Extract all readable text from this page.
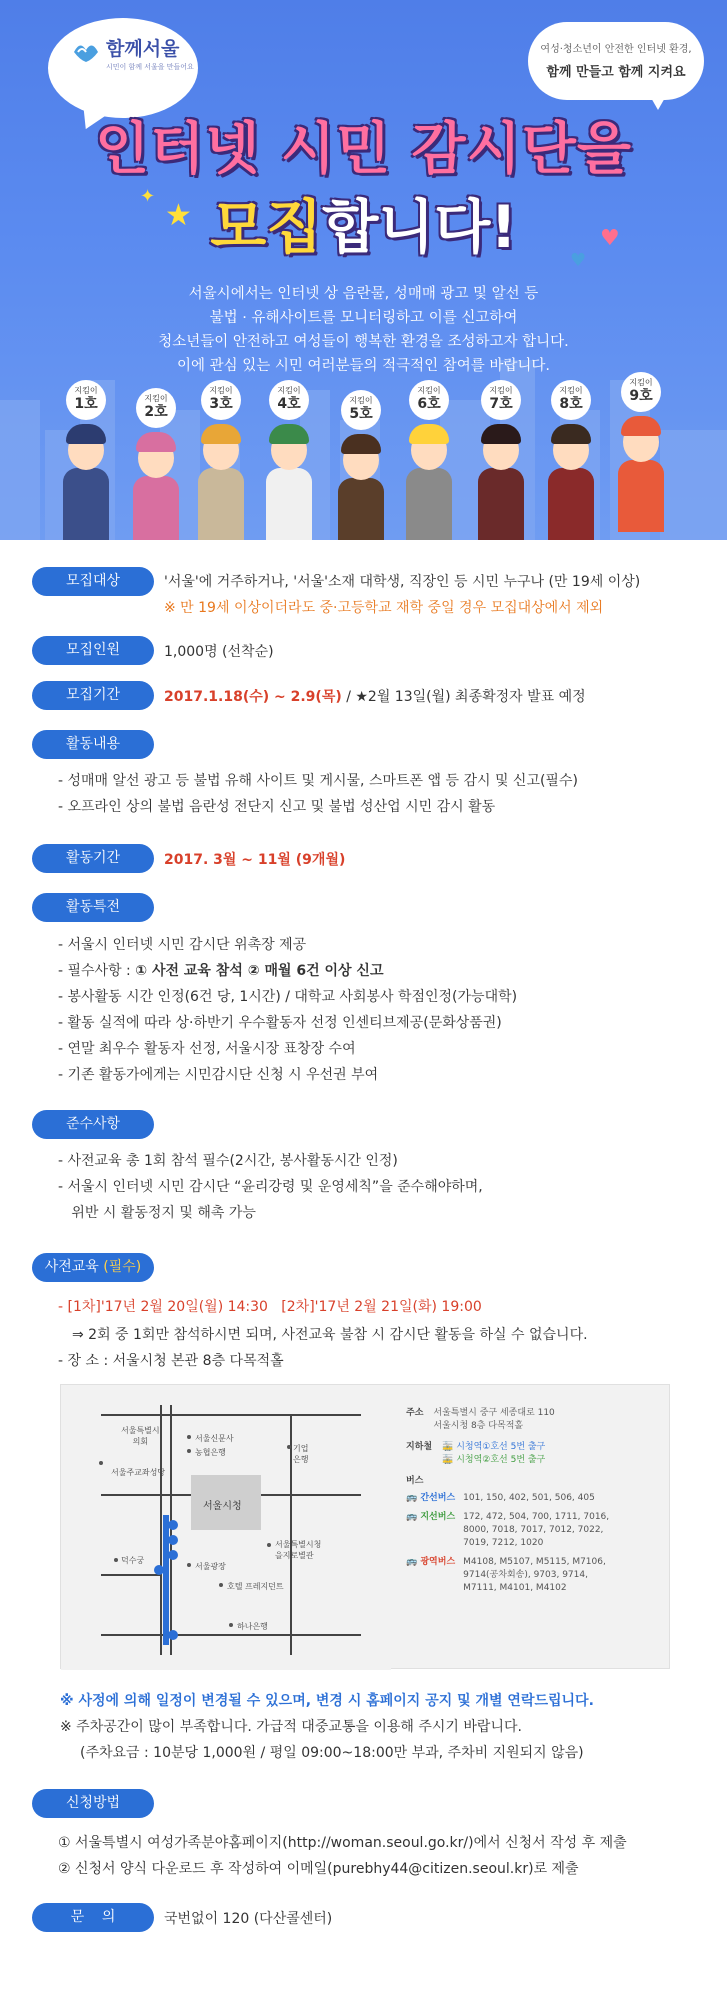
함께서울
시민이 함께 서울을 만들어요
여성·청소년이 안전한 인터넷 환경,
함께 만들고 함께 지켜요
인터넷 시민 감시단을
모집합니다!
★
✦
♥
♥
서울시에서는 인터넷 상 음란물, 성매매 광고 및 알선 등
불법 · 유해사이트를 모니터링하고 이를 신고하여
청소년들이 안전하고 여성들이 행복한 환경을 조성하고자 합니다.
이에 관심 있는 시민 여러분들의 적극적인 참여를 바랍니다.
지킴이
1호	지킴이
2호
지킴이
3호
지킴이
4호	지킴이
5호
지킴이
6호
지킴이
7호
지킴이
8호
지킴이
9호
모집대상	'서울'에 거주하거나, '서울'소재 대학생, 직장인 등 시민 누구나 (만 19세 이상)
※ 만 19세 이상이더라도 중·고등학교 재학 중일 경우 모집대상에서 제외
모집인원	1,000명 (선착순)
모집기간	2017.1.18(수) ~ 2.9(목) / ★2월 13일(월) 최종확정자 발표 예정
활동내용
- 성매매 알선 광고 등 불법 유해 사이트 및 게시물, 스마트폰 앱 등 감시 및 신고(필수)
- 오프라인 상의 불법 음란성 전단지 신고 및 불법 성산업 시민 감시 활동
활동기간	2017. 3월 ~ 11월 (9개월)
활동특전
- 서울시 인터넷 시민 감시단 위촉장 제공
- 필수사항 : ① 사전 교육 참석 ② 매월 6건 이상 신고
- 봉사활동 시간 인정(6건 당, 1시간) / 대학교 사회봉사 학점인정(가능대학)
- 활동 실적에 따라 상·하반기 우수활동자 선정 인센티브제공(문화상품권)
- 연말 최우수 활동자 선정, 서울시장 표창장 수여
- 기존 활동가에게는 시민감시단 신청 시 우선권 부여
준수사항
- 사전교육 총 1회 참석 필수(2시간, 봉사활동시간 인정)
- 서울시 인터넷 시민 감시단 “윤리강령 및 운영세칙”을 준수해야하며,
위반 시 활동정지 및 해촉 가능
사전교육 (필수)
- [1차]'17년 2월 20일(월) 14:30   [2차]'17년 2월 21일(화) 19:00
⇒ 2회 중 1회만 참석하시면 되며, 사전교육 불참 시 감시단 활동을 하실 수 없습니다.
- 장 소 : 서울시청 본관 8층 다목적홀
서울특별시
의회	서울신문사
농협은행	기업
은행
서울주교좌성당
서울시청
서울특별시청
을지로별관
덕수궁
서울광장
호텔 프레지던트
하나은행
주소 서울특별시 중구 세종대로 110
서울시청 8층 다목적홀
지하철 🚋 시청역①호선 5번 출구
🚋 시청역②호선 5번 출구
버스
🚌 간선버스 101, 150, 402, 501, 506, 405
🚌 지선버스 172, 472, 504, 700, 1711, 7016,
8000, 7018, 7017, 7012, 7022,
7019, 7212, 1020
🚌 광역버스 M4108, M5107, M5115, M7106,
9714(공차회송), 9703, 9714,
M7111, M4101, M4102
※ 사정에 의해 일정이 변경될 수 있으며, 변경 시 홈페이지 공지 및 개별 연락드립니다.
※ 주차공간이 많이 부족합니다. 가급적 대중교통을 이용해 주시기 바랍니다.
(주차요금 : 10분당 1,000원 / 평일 09:00~18:00만 부과, 주차비 지원되지 않음)
신청방법
① 서울특별시 여성가족분야홈페이지(http://woman.seoul.go.kr/)에서 신청서 작성 후 제출
② 신청서 양식 다운로드 후 작성하여 이메일(purebhy44@citizen.seoul.kr)로 제출
문    의	국번없이 120 (다산콜센터)
